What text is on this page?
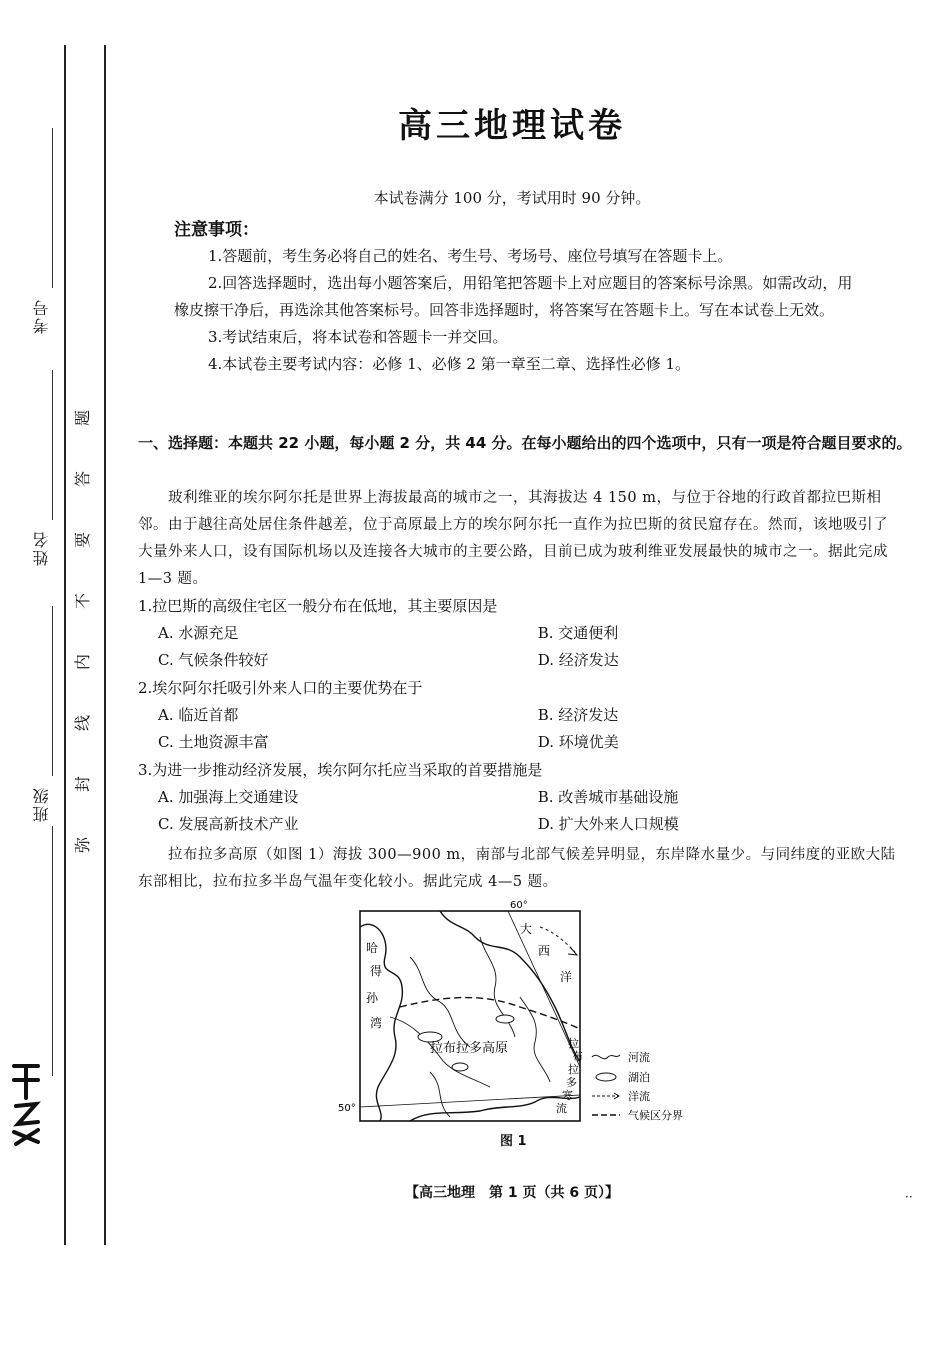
考号
姓名
班级
题
答
要
不
内
线
封
弥
高三地理试卷
本试卷满分 100 分，考试用时 90 分钟。
注意事项：
1.答题前，考生务必将自己的姓名、考生号、考场号、座位号填写在答题卡上。
2.回答选择题时，选出每小题答案后，用铅笔把答题卡上对应题目的答案标号涂黑。如需改动，用橡皮擦干净后，再选涂其他答案标号。回答非选择题时，将答案写在答题卡上。写在本试卷上无效。
3.考试结束后，将本试卷和答题卡一并交回。
4.本试卷主要考试内容：必修 1、必修 2 第一章至二章、选择性必修 1。
一、选择题：本题共 22 小题，每小题 2 分，共 44 分。在每小题给出的四个选项中，只有一项是符合题目要求的。
玻利维亚的埃尔阿尔托是世界上海拔最高的城市之一，其海拔达 4 150 m，与位于谷地的行政首都拉巴斯相邻。由于越往高处居住条件越差，位于高原最上方的埃尔阿尔托一直作为拉巴斯的贫民窟存在。然而，该地吸引了大量外来人口，设有国际机场以及连接各大城市的主要公路，目前已成为玻利维亚发展最快的城市之一。据此完成 1—3 题。
1.拉巴斯的高级住宅区一般分布在低地，其主要原因是
A. 水源充足	B. 交通便利
C. 气候条件较好	D. 经济发达
2.埃尔阿尔托吸引外来人口的主要优势在于
A. 临近首都	B. 经济发达
C. 土地资源丰富	D. 环境优美
3.为进一步推动经济发展，埃尔阿尔托应当采取的首要措施是
A. 加强海上交通建设	B. 改善城市基础设施
C. 发展高新技术产业	D. 扩大外来人口规模
拉布拉多高原（如图 1）海拔 300—900 m，南部与北部气候差异明显，东岸降水量少。与同纬度的亚欧大陆东部相比，拉布拉多半岛气温年变化较小。据此完成 4—5 题。
60°
50°
哈
得
孙
湾
大
西
洋
拉
布
拉
多
寒
流
拉布拉多高原
河流
湖泊
洋流
气候区分界
图 1
【高三地理　第 1 页（共 6 页）】	··
